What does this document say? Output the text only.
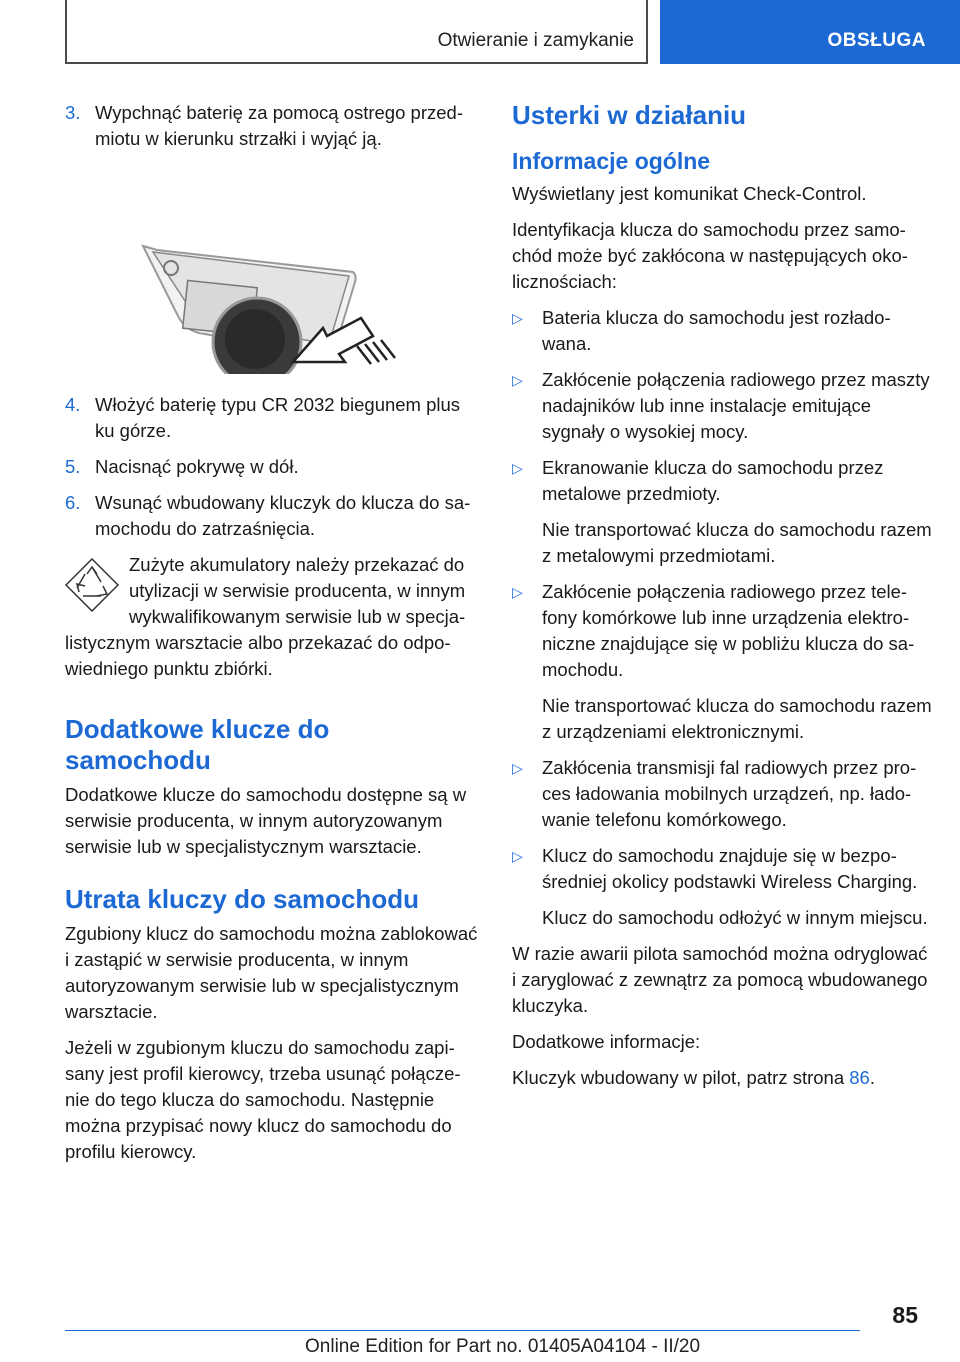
Otwieranie i zamykanie	OBSŁUGA
3. Wypchnąć baterię za pomocą ostrego przedmiotu w kierunku strzałki i wyjąć ją.
4. Włożyć baterię typu CR 2032 biegunem plus ku górze.
5. Nacisnąć pokrywę w dół.
6. Wsunąć wbudowany kluczyk do klucza do samochodu do zatrzaśnięcia.
Zużyte akumulatory należy przekazać do utylizacji w serwisie producenta, w innym wykwalifikowanym serwisie lub w specjalistycznym warsztacie albo przekazać do odpowiedniego punktu zbiórki.
Dodatkowe klucze do samochodu

Dodatkowe klucze do samochodu dostępne są w serwisie producenta, w innym autoryzowanym serwisie lub w specjalistycznym warsztacie.

Utrata kluczy do samochodu

Zgubiony klucz do samochodu można zablokować i zastąpić w serwisie producenta, w innym autoryzowanym serwisie lub w specjalistycznym warsztacie.

Jeżeli w zgubionym kluczu do samochodu zapisany jest profil kierowcy, trzeba usunąć połączenie do tego klucza do samochodu. Następnie można przypisać nowy klucz do samochodu do profilu kierowcy.

Usterki w działaniu
Informacje ogólne

Wyświetlany jest komunikat Check-Control.

Identyfikacja klucza do samochodu przez samochód może być zakłócona w następujących okolicznościach:

▷ Bateria klucza do samochodu jest rozładowana.
▷ Zakłócenie połączenia radiowego przez maszty nadajników lub inne instalacje emitujące sygnały o wysokiej mocy.
▷ Ekranowanie klucza do samochodu przez metalowe przedmioty.
Nie transportować klucza do samochodu razem z metalowymi przedmiotami.
▷ Zakłócenie połączenia radiowego przez telefony komórkowe lub inne urządzenia elektroniczne znajdujące się w pobliżu klucza do samochodu.
Nie transportować klucza do samochodu razem z urządzeniami elektronicznymi.
▷ Zakłócenia transmisji fal radiowych przez proces ładowania mobilnych urządzeń, np. ładowanie telefonu komórkowego.
▷ Klucz do samochodu znajduje się w bezpośredniej okolicy podstawki Wireless Charging.
Klucz do samochodu odłożyć w innym miejscu.

W razie awarii pilota samochód można odryglować i zaryglować z zewnątrz za pomocą wbudowanego kluczyka.

Dodatkowe informacje:

Kluczyk wbudowany w pilot, patrz strona 86.

85
Online Edition for Part no. 01405A04104 - II/20
